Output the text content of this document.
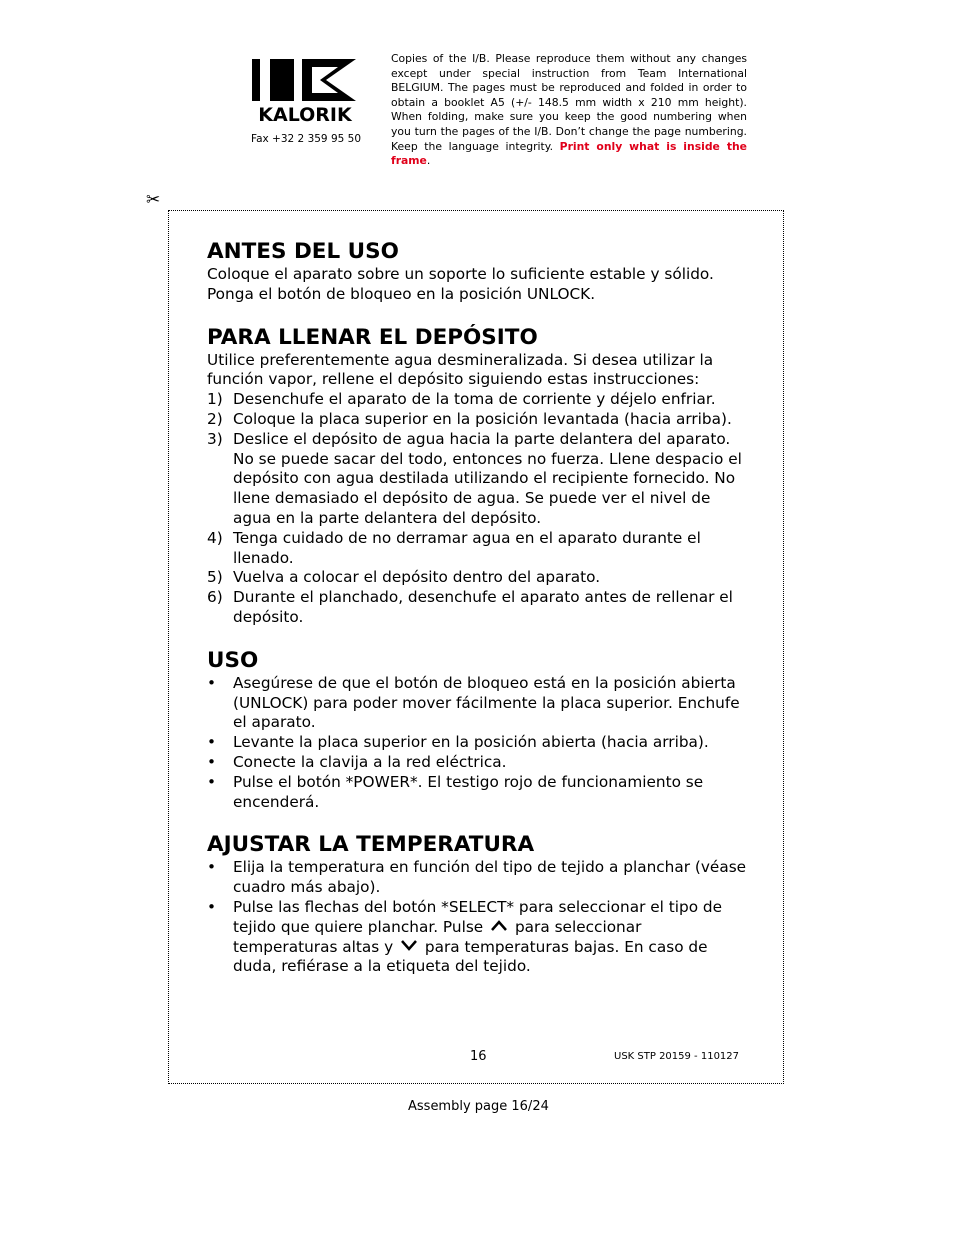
KALORIK
Fax +32 2 359 95 50
Copies of the I/B. Please reproduce them without any changes except under special instruction from Team International BELGIUM. The pages must be reproduced and folded in order to obtain a booklet A5 (+/- 148.5 mm width x 210 mm height). When folding, make sure you keep the good numbering when you turn the pages of the I/B. Don’t change the page numbering. Keep the language integrity. Print only what is inside the frame.
✂
ANTES DEL USO

Coloque el aparato sobre un soporte lo suficiente estable y sólido.

Ponga el botón de bloqueo en la posición UNLOCK.

PARA LLENAR EL DEPÓSITO

Utilice preferentemente agua desmineralizada. Si desea utilizar la función vapor, rellene el depósito siguiendo estas instrucciones:

1) Desenchufe el aparato de la toma de corriente y déjelo enfriar.
2) Coloque la placa superior en la posición levantada (hacia arriba).
3) Deslice el depósito de agua hacia la parte delantera del aparato. No se puede sacar del todo, entonces no fuerza. Llene despacio el depósito con agua destilada utilizando el recipiente fornecido. No llene demasiado el depósito de agua. Se puede ver el nivel de agua en la parte delantera del depósito.
4) Tenga cuidado de no derramar agua en el aparato durante el llenado.
5) Vuelva a colocar el depósito dentro del aparato.
6) Durante el planchado, desenchufe el aparato antes de rellenar el depósito.
USO
• Asegúrese de que el botón de bloqueo está en la posición abierta (UNLOCK) para poder mover fácilmente la placa superior. Enchufe el aparato.
• Levante la placa superior en la posición abierta (hacia arriba).
• Conecte la clavija a la red eléctrica.
• Pulse el botón *POWER*. El testigo rojo de funcionamiento se encenderá.
AJUSTAR LA TEMPERATURA
• Elija la temperatura en función del tipo de tejido a planchar (véase cuadro más abajo).
• Pulse las flechas del botón *SELECT* para seleccionar el tipo de tejido que quiere planchar. Pulse para seleccionar temperaturas altas y para temperaturas bajas. En caso de duda, refiérase a la etiqueta del tejido.
16	USK STP 20159 - 110127
Assembly page 16/24
